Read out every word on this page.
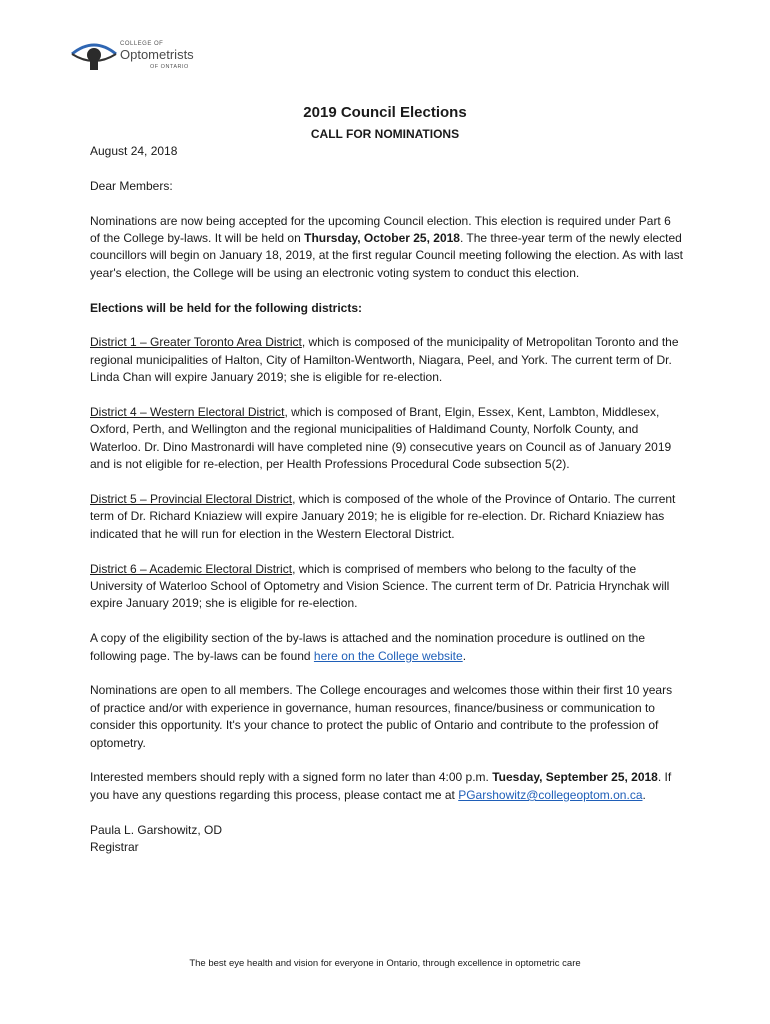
COLLEGE OF
Optometrists
OF ONTARIO
2019 Council Elections
CALL FOR NOMINATIONS

August 24, 2018

Dear Members:

Nominations are now being accepted for the upcoming Council election. This election is required under Part 6 of the College by-laws. It will be held on Thursday, October 25, 2018. The three-year term of the newly elected councillors will begin on January 18, 2019, at the first regular Council meeting following the election. As with last year's election, the College will be using an electronic voting system to conduct this election.

Elections will be held for the following districts:

District 1 – Greater Toronto Area District, which is composed of the municipality of Metropolitan Toronto and the regional municipalities of Halton, City of Hamilton-Wentworth, Niagara, Peel, and York. The current term of Dr. Linda Chan will expire January 2019; she is eligible for re-election.

District 4 – Western Electoral District, which is composed of Brant, Elgin, Essex, Kent, Lambton, Middlesex, Oxford, Perth, and Wellington and the regional municipalities of Haldimand County, Norfolk County, and Waterloo. Dr. Dino Mastronardi will have completed nine (9) consecutive years on Council as of January 2019 and is not eligible for re-election, per Health Professions Procedural Code subsection 5(2).

District 5 – Provincial Electoral District, which is composed of the whole of the Province of Ontario. The current term of Dr. Richard Kniaziew will expire January 2019; he is eligible for re-election. Dr. Richard Kniaziew has indicated that he will run for election in the Western Electoral District.

District 6 – Academic Electoral District, which is comprised of members who belong to the faculty of the University of Waterloo School of Optometry and Vision Science. The current term of Dr. Patricia Hrynchak will expire January 2019; she is eligible for re-election.

A copy of the eligibility section of the by-laws is attached and the nomination procedure is outlined on the following page. The by-laws can be found here on the College website.

Nominations are open to all members. The College encourages and welcomes those within their first 10 years of practice and/or with experience in governance, human resources, finance/business or communication to consider this opportunity. It's your chance to protect the public of Ontario and contribute to the profession of optometry.

Interested members should reply with a signed form no later than 4:00 p.m. Tuesday, September 25, 2018. If you have any questions regarding this process, please contact me at PGarshowitz@collegeoptom.on.ca.

Paula L. Garshowitz, OD
Registrar
The best eye health and vision for everyone in Ontario, through excellence in optometric care
